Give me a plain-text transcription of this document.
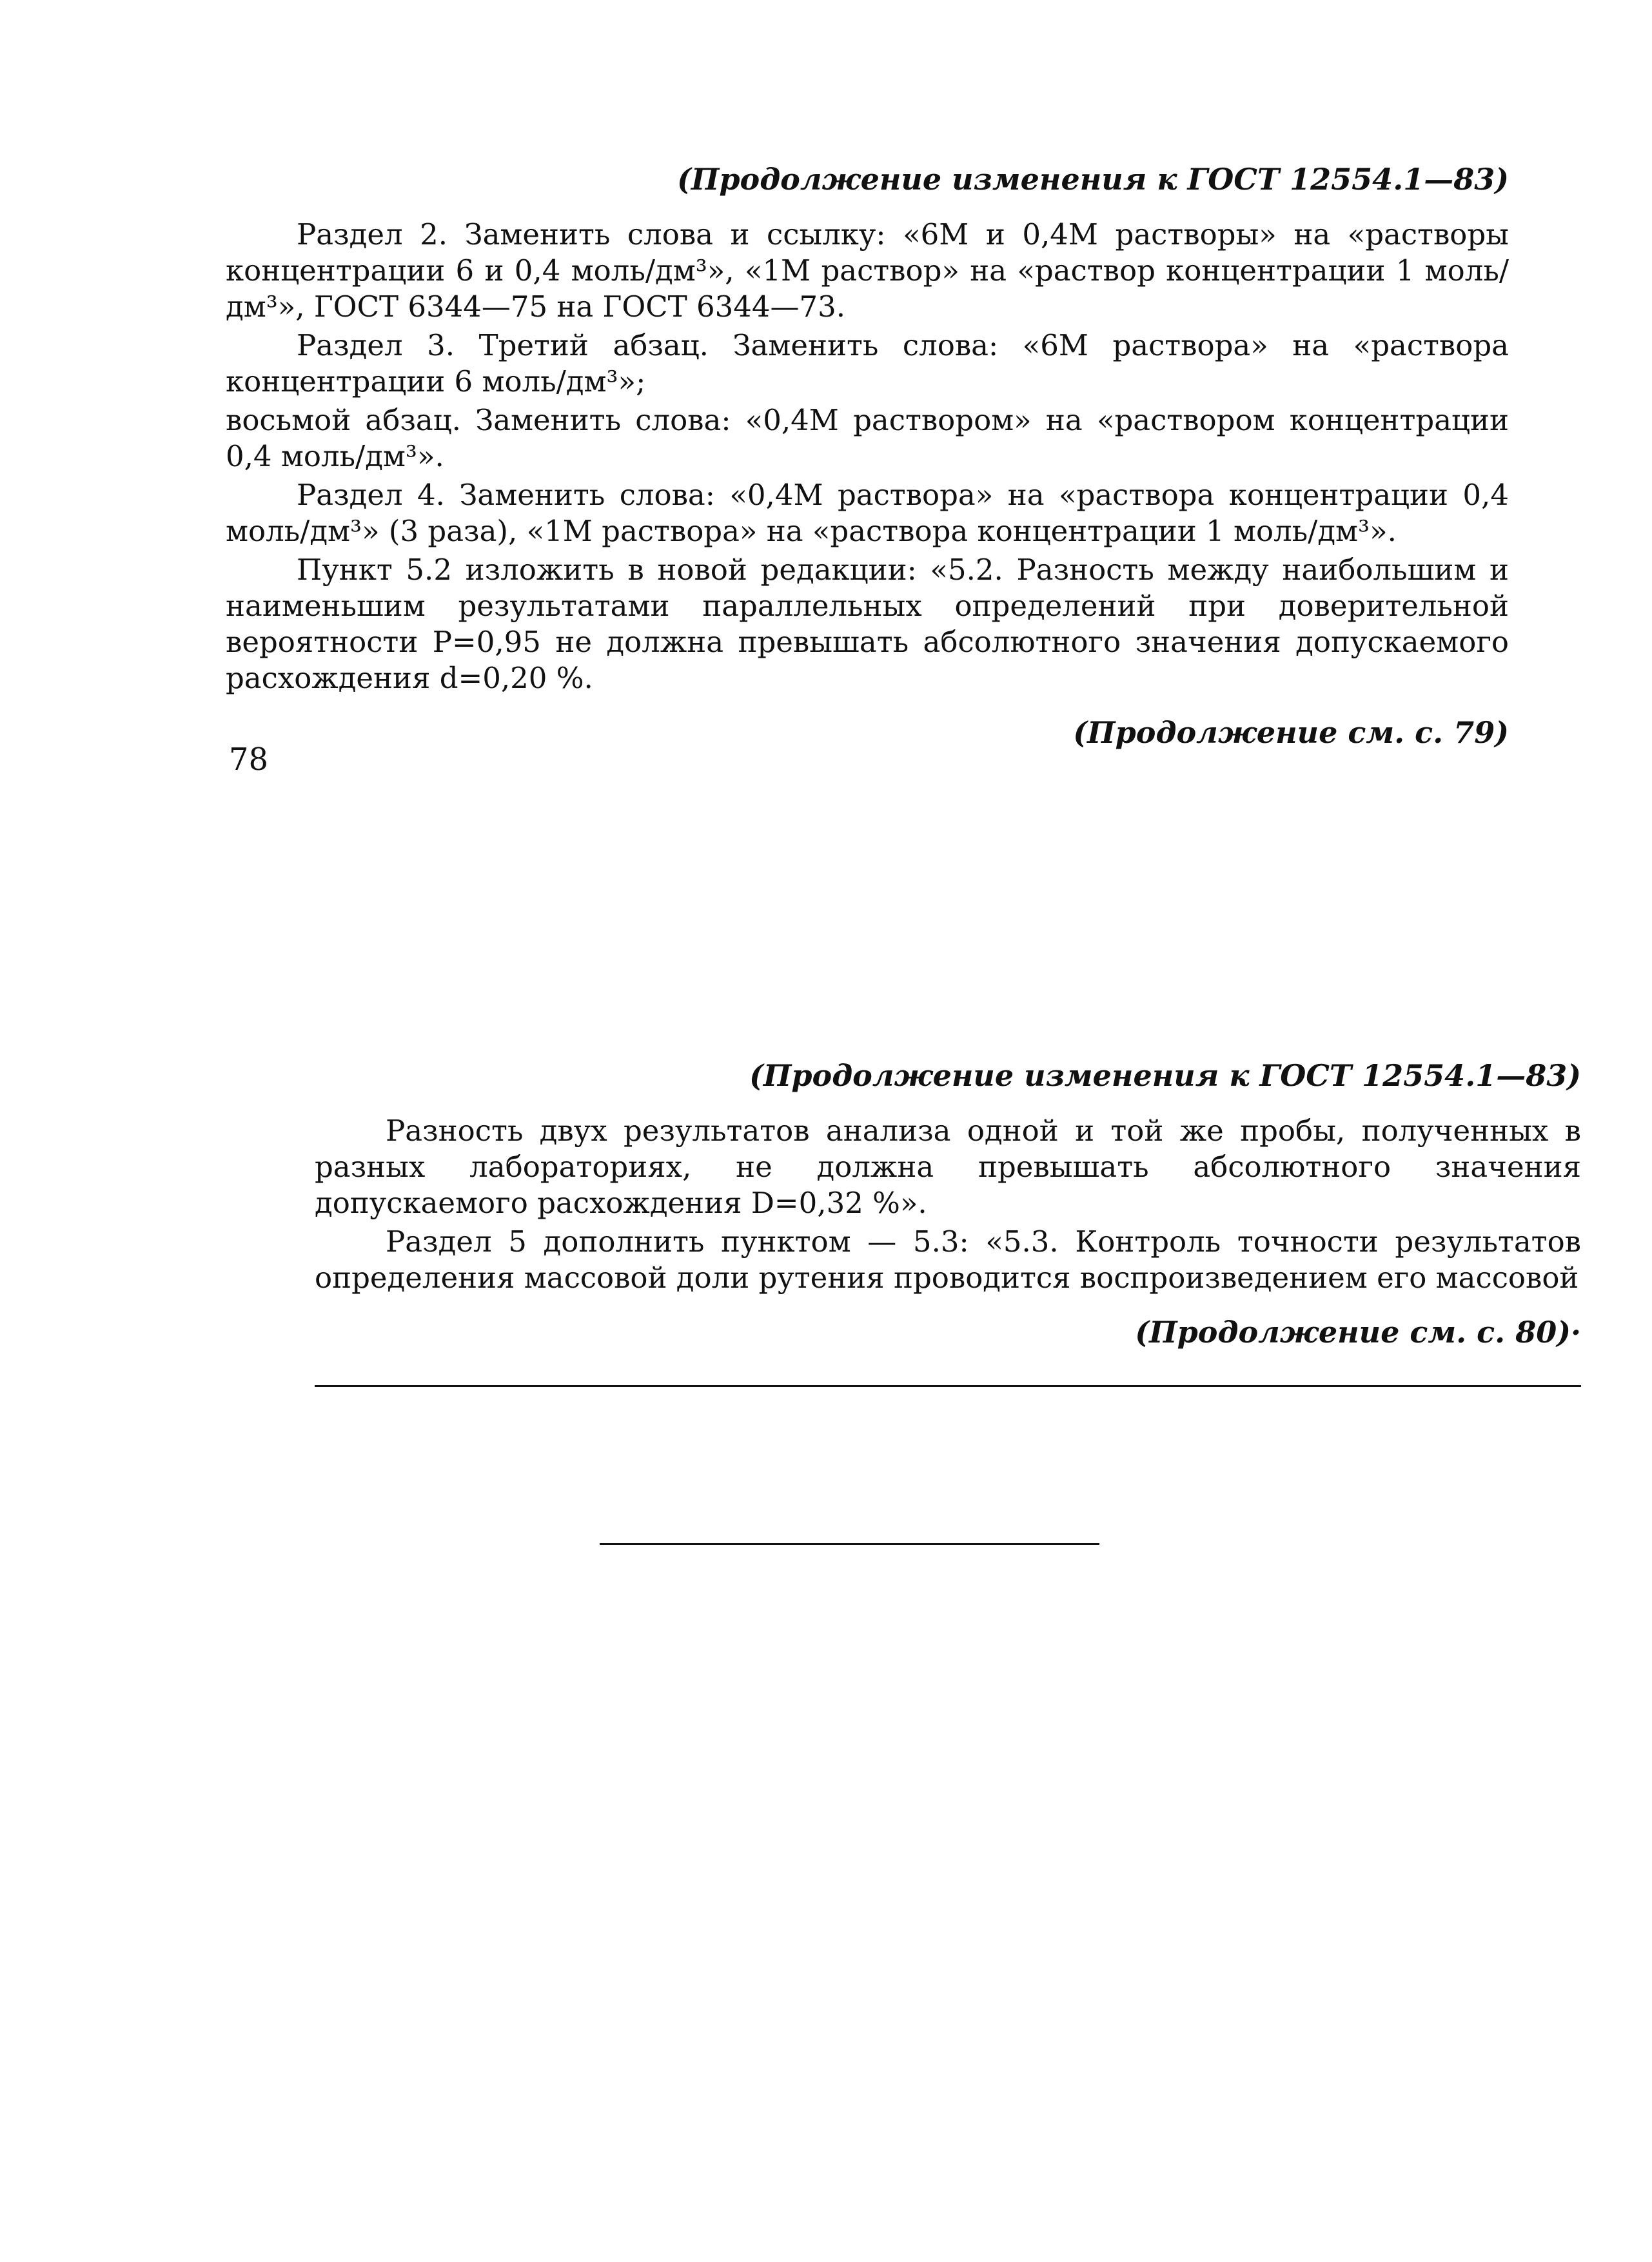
(Продолжение изменения к ГОСТ 12554.1—83)

Раздел 2. Заменить слова и ссылку: «6М и 0,4М растворы» на «растворы концентрации 6 и 0,4 моль/дм³», «1М раствор» на «раствор концентрации 1 моль/дм³», ГОСТ 6344—75 на ГОСТ 6344—73.

Раздел 3. Третий абзац. Заменить слова: «6М раствора» на «раствора концентрации 6 моль/дм³»;

восьмой абзац. Заменить слова: «0,4М раствором» на «раствором концентрации 0,4 моль/дм³».

Раздел 4. Заменить слова: «0,4М раствора» на «раствора концентрации 0,4 моль/дм³» (3 раза), «1М раствора» на «раствора концентрации 1 моль/дм³».

Пункт 5.2 изложить в новой редакции: «5.2. Разность между наибольшим и наименьшим результатами параллельных определений при доверительной вероятности P=0,95 не должна превышать абсолютного значения допускаемого расхождения d=0,20 %.

(Продолжение см. с. 79)
78
(Продолжение изменения к ГОСТ 12554.1—83)

Разность двух результатов анализа одной и той же пробы, полученных в разных лабораториях, не должна превышать абсолютного значения допускаемого расхождения D=0,32 %».

Раздел 5 дополнить пунктом — 5.3: «5.3. Контроль точности результатов определения массовой доли рутения проводится воспроизведением его массовой

(Продолжение см. с. 80)·
